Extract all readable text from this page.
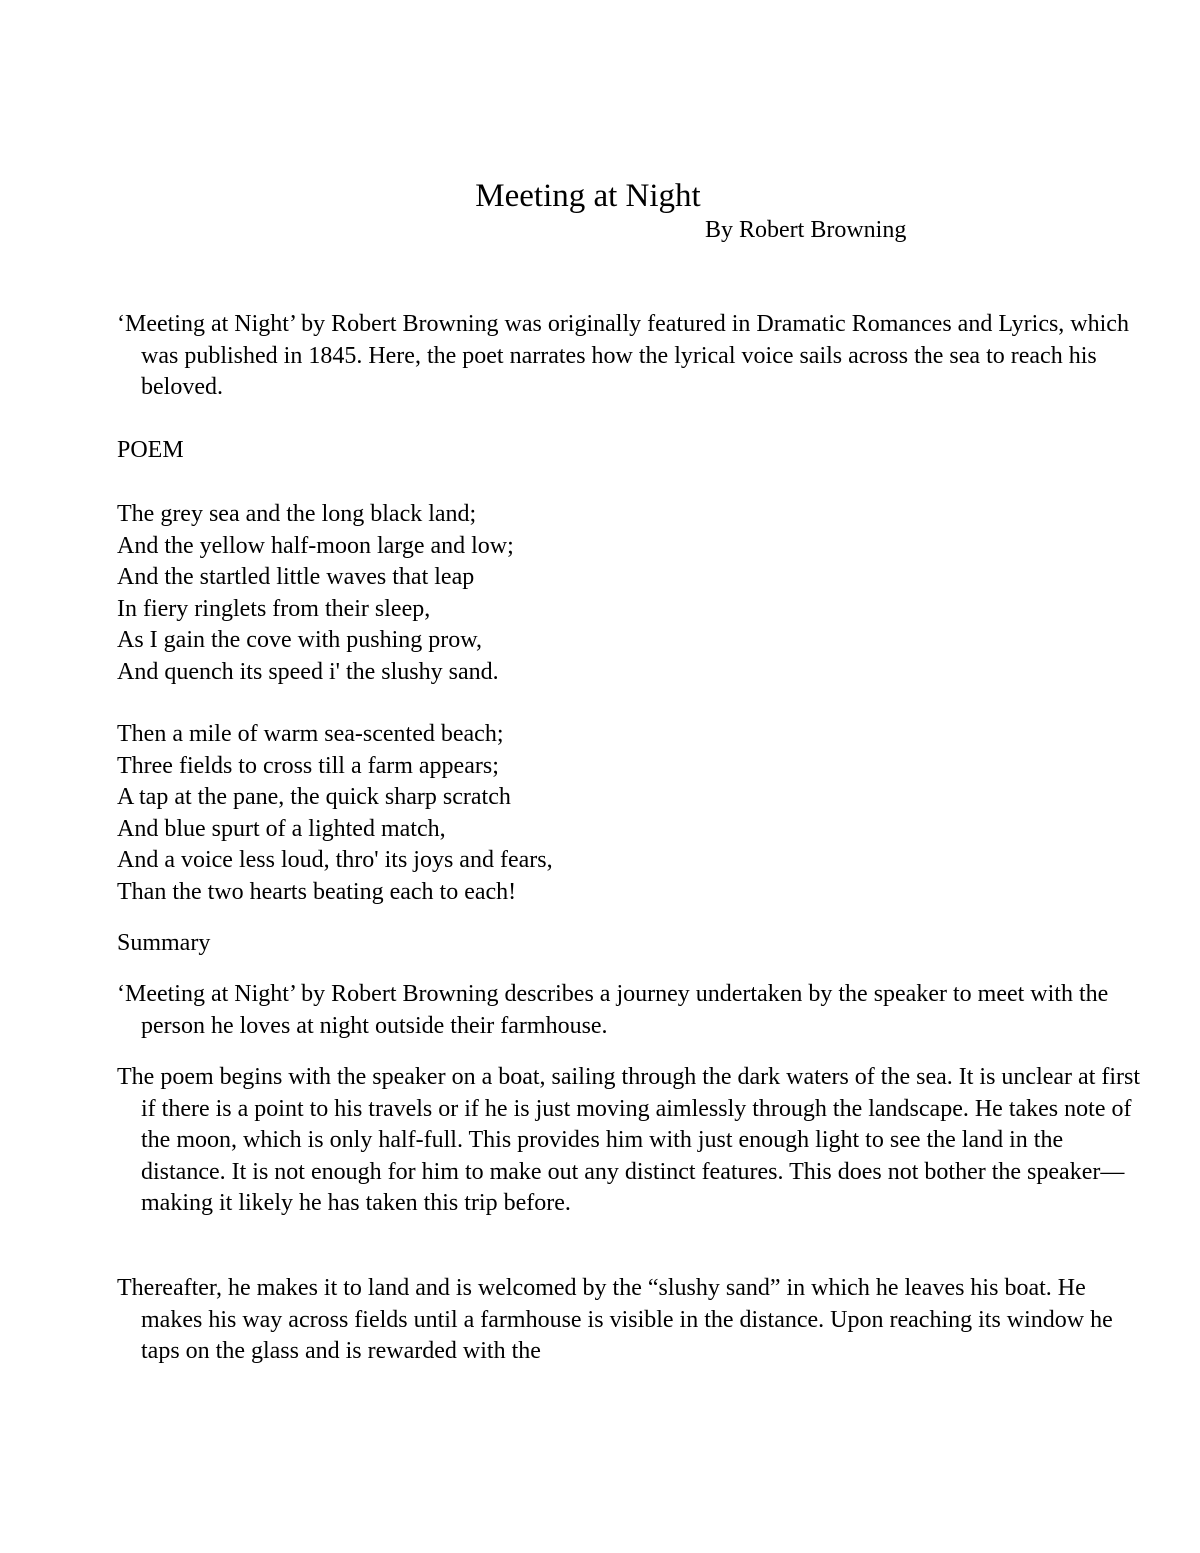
Meeting at Night
By Robert Browning

‘Meeting at Night’ by Robert Browning was originally featured in Dramatic Romances and Lyrics, which was published in 1845. Here, the poet narrates how the lyrical voice sails across the sea to reach his beloved.

POEM

The grey sea and the long black land;
And the yellow half-moon large and low;
And the startled little waves that leap
In fiery ringlets from their sleep,
As I gain the cove with pushing prow,
And quench its speed i' the slushy sand.
Then a mile of warm sea-scented beach;
Three fields to cross till a farm appears;
A tap at the pane, the quick sharp scratch
And blue spurt of a lighted match,
And a voice less loud, thro' its joys and fears,
Than the two hearts beating each to each!

Summary

‘Meeting at Night’ by Robert Browning describes a journey undertaken by the speaker to meet with the person he loves at night outside their farmhouse.

The poem begins with the speaker on a boat, sailing through the dark waters of the sea. It is unclear at first if there is a point to his travels or if he is just moving aimlessly through the landscape. He takes note of the moon, which is only half-full. This provides him with just enough light to see the land in the distance. It is not enough for him to make out any distinct features. This does not bother the speaker—making it likely he has taken this trip before.

Thereafter, he makes it to land and is welcomed by the “slushy sand” in which he leaves his boat. He makes his way across fields until a farmhouse is visible in the distance. Upon reaching its window he taps on the glass and is rewarded with the
